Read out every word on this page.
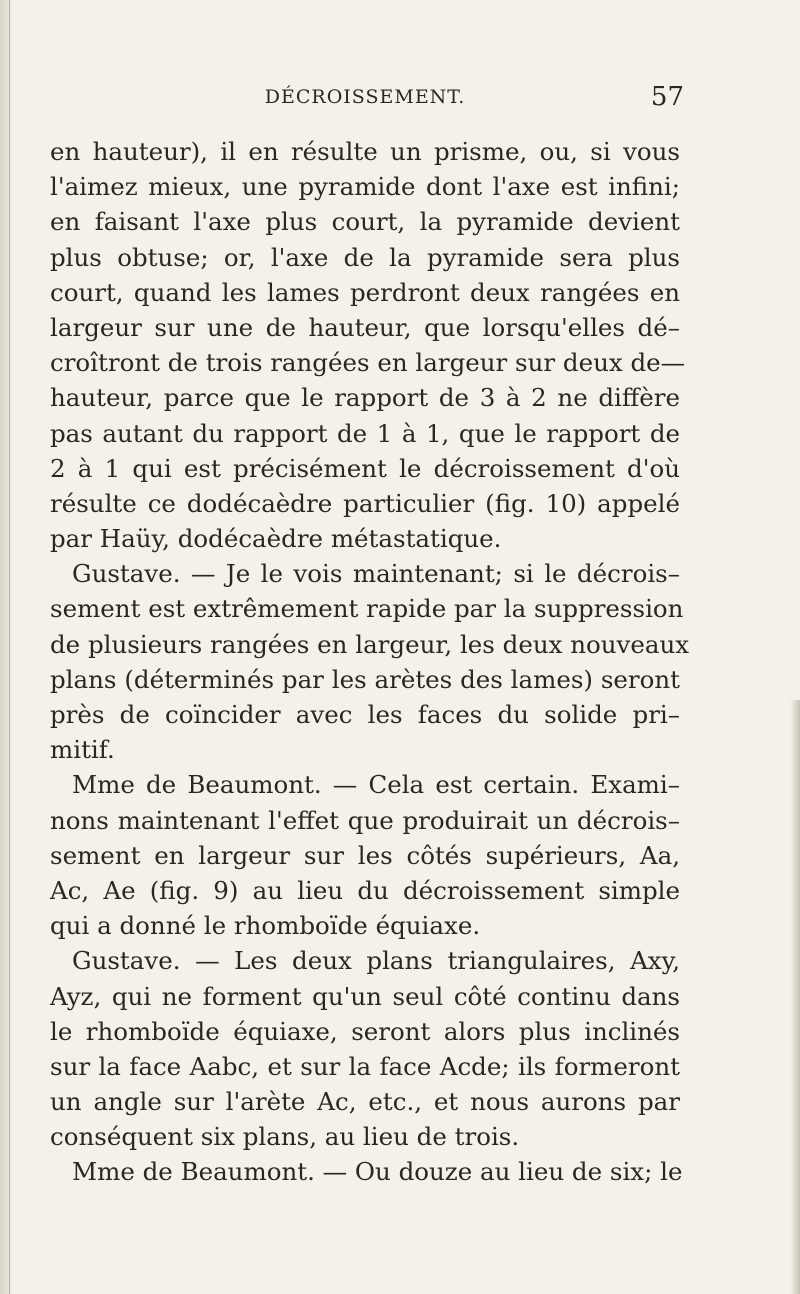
DÉCROISSEMENT.	57
en hauteur), il en résulte un prisme, ou, si vous
l'aimez mieux, une pyramide dont l'axe est infini;
en faisant l'axe plus court, la pyramide devient
plus obtuse; or, l'axe de la pyramide sera plus
court, quand les lames perdront deux rangées en
largeur sur une de hauteur, que lorsqu'elles dé–
croîtront de trois rangées en largeur sur deux de—
hauteur, parce que le rapport de 3 à 2 ne diffère
pas autant du rapport de 1 à 1, que le rapport de
2 à 1 qui est précisément le décroissement d'où
résulte ce dodécaèdre particulier (fig. 10) appelé
par Haüy, dodécaèdre métastatique.
Gustave. — Je le vois maintenant; si le décrois–
sement est extrêmement rapide par la suppression
de plusieurs rangées en largeur, les deux nouveaux
plans (déterminés par les arètes des lames) seront
près de coïncider avec les faces du solide pri–
mitif.
Mme de Beaumont. — Cela est certain. Exami–
nons maintenant l'effet que produirait un décrois–
sement en largeur sur les côtés supérieurs, Aa,
Ac, Ae (fig. 9) au lieu du décroissement simple
qui a donné le rhomboïde équiaxe.
Gustave. — Les deux plans triangulaires, Axy,
Ayz, qui ne forment qu'un seul côté continu dans
le rhomboïde équiaxe, seront alors plus inclinés
sur la face Aabc, et sur la face Acde; ils formeront
un angle sur l'arète Ac, etc., et nous aurons par
conséquent six plans, au lieu de trois.
Mme de Beaumont. — Ou douze au lieu de six; le
